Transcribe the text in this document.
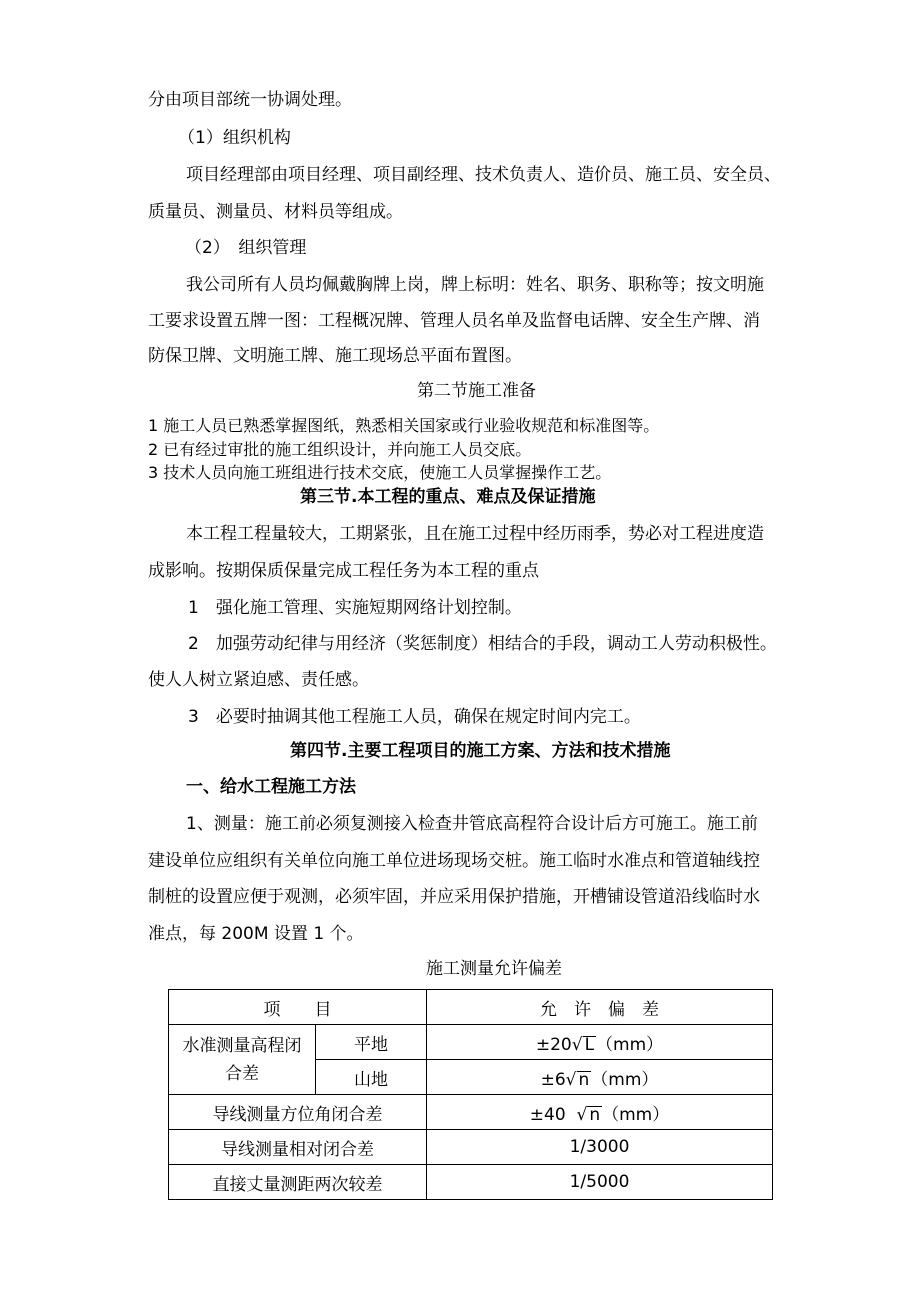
分由项目部统一协调处理。
（1）组织机构
项目经理部由项目经理、项目副经理、技术负责人、造价员、施工员、安全员、
质量员、测量员、材料员等组成。
（2）　组织管理
我公司所有人员均佩戴胸牌上岗，牌上标明：姓名、职务、职称等；按文明施
工要求设置五牌一图：工程概况牌、管理人员名单及监督电话牌、安全生产牌、消
防保卫牌、文明施工牌、施工现场总平面布置图。
第二节施工准备
1 施工人员已熟悉掌握图纸，熟悉相关国家或行业验收规范和标准图等。
2 已有经过审批的施工组织设计，并向施工人员交底。
3 技术人员向施工班组进行技术交底，使施工人员掌握操作工艺。
第三节.本工程的重点、难点及保证措施
本工程工程量较大，工期紧张，且在施工过程中经历雨季，势必对工程进度造
成影响。按期保质保量完成工程任务为本工程的重点
1　强化施工管理、实施短期网络计划控制。
2　加强劳动纪律与用经济（奖惩制度）相结合的手段，调动工人劳动积极性。
使人人树立紧迫感、责任感。
3　必要时抽调其他工程施工人员，确保在规定时间内完工。
第四节.主要工程项目的施工方案、方法和技术措施
一、给水工程施工方法
1、测量：施工前必须复测接入检查井管底高程符合设计后方可施工。施工前
建设单位应组织有关单位向施工单位进场现场交桩。施工临时水准点和管道轴线控
制桩的设置应便于观测，必须牢固，并应采用保护措施，开槽铺设管道沿线临时水
准点，每 200M 设置 1 个。
施工测量允许偏差
项　　目		允　许　偏　差
水准测量高程闭合差	平地	±20√ L （mm）
	山地	±6√ n （mm）
导线测量方位角闭合差		±40 √ n （mm）
导线测量相对闭合差		1/3000
直接丈量测距两次较差		1/5000
